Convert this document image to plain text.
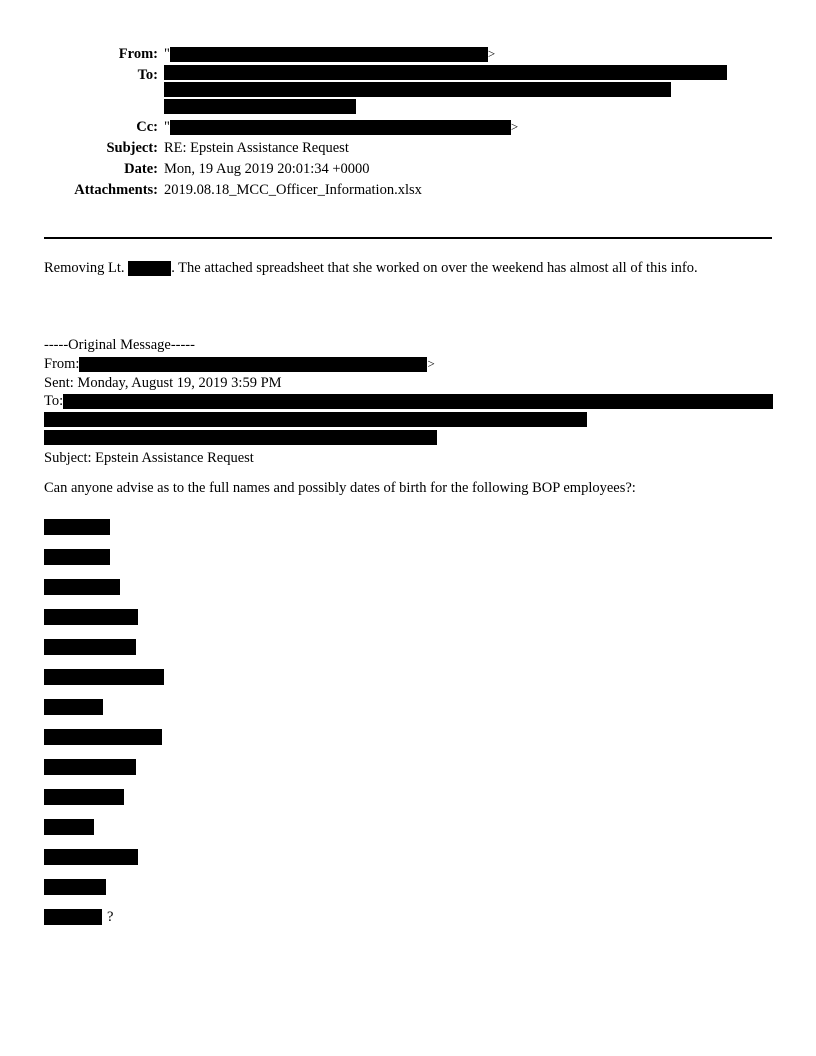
From: "	>
To:
Cc: "	>
Subject: RE: Epstein Assistance Request
Date: Mon, 19 Aug 2019 20:01:34 +0000
Attachments: 2019.08.18_MCC_Officer_Information.xlsx
Removing Lt.	. The attached spreadsheet that she worked on over the weekend has almost all of this info.
-----Original Message-----
From:	>
Sent: Monday, August 19, 2019 3:59 PM
To:
Subject: Epstein Assistance Request
Can anyone advise as to the full names and possibly dates of birth for the following BOP employees?:
?
